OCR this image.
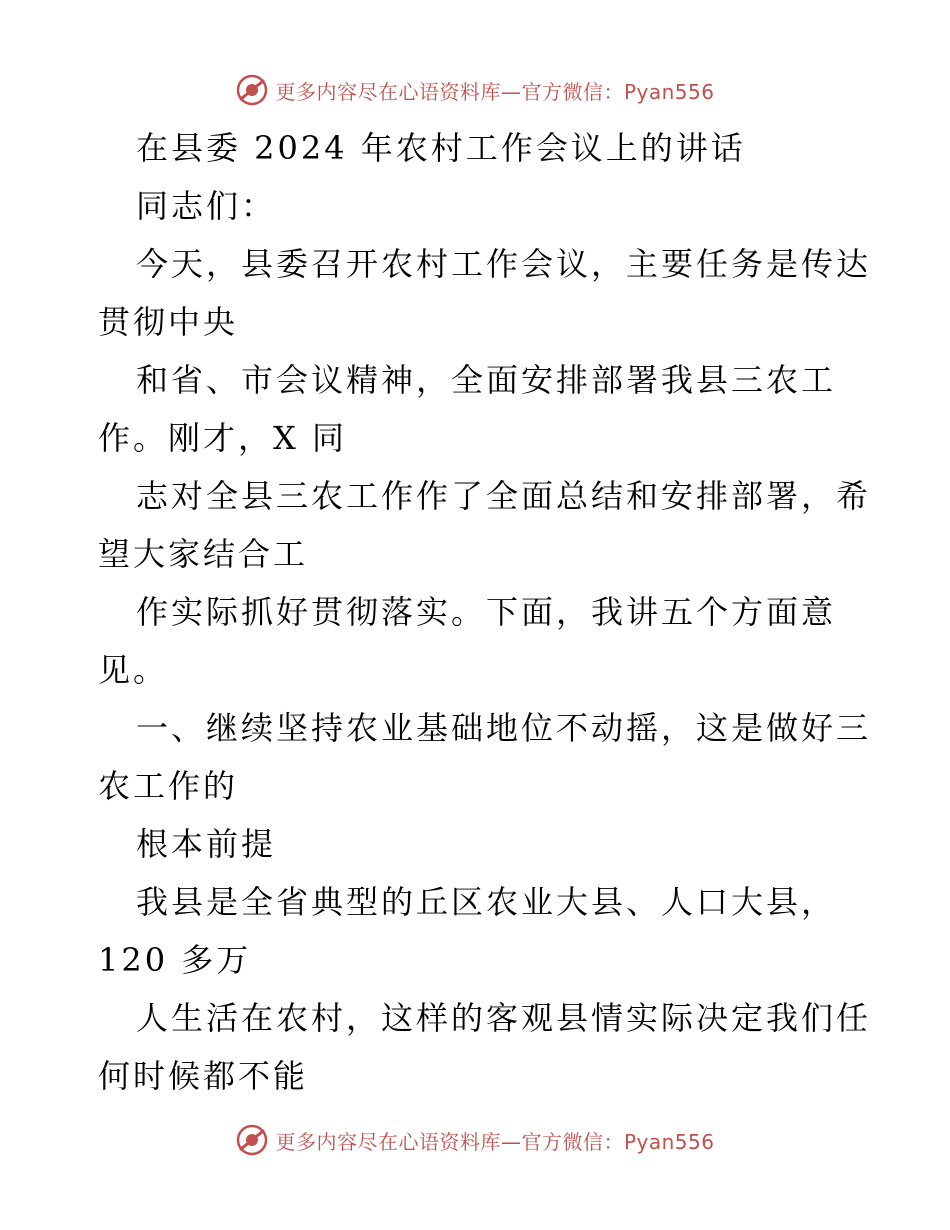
更多内容尽在心语资料库—官方微信：Pyan556
在县委 2024 年农村工作会议上的讲话
同志们：
今天，县委召开农村工作会议，主要任务是传达
贯彻中央
和省、市会议精神，全面安排部署我县三农工
作。刚才，X 同
志对全县三农工作作了全面总结和安排部署，希
望大家结合工
作实际抓好贯彻落实。下面，我讲五个方面意
见。
一、继续坚持农业基础地位不动摇，这是做好三
农工作的
根本前提
我县是全省典型的丘区农业大县、人口大县，
120 多万
人生活在农村，这样的客观县情实际决定我们任
何时候都不能
更多内容尽在心语资料库—官方微信：Pyan556
